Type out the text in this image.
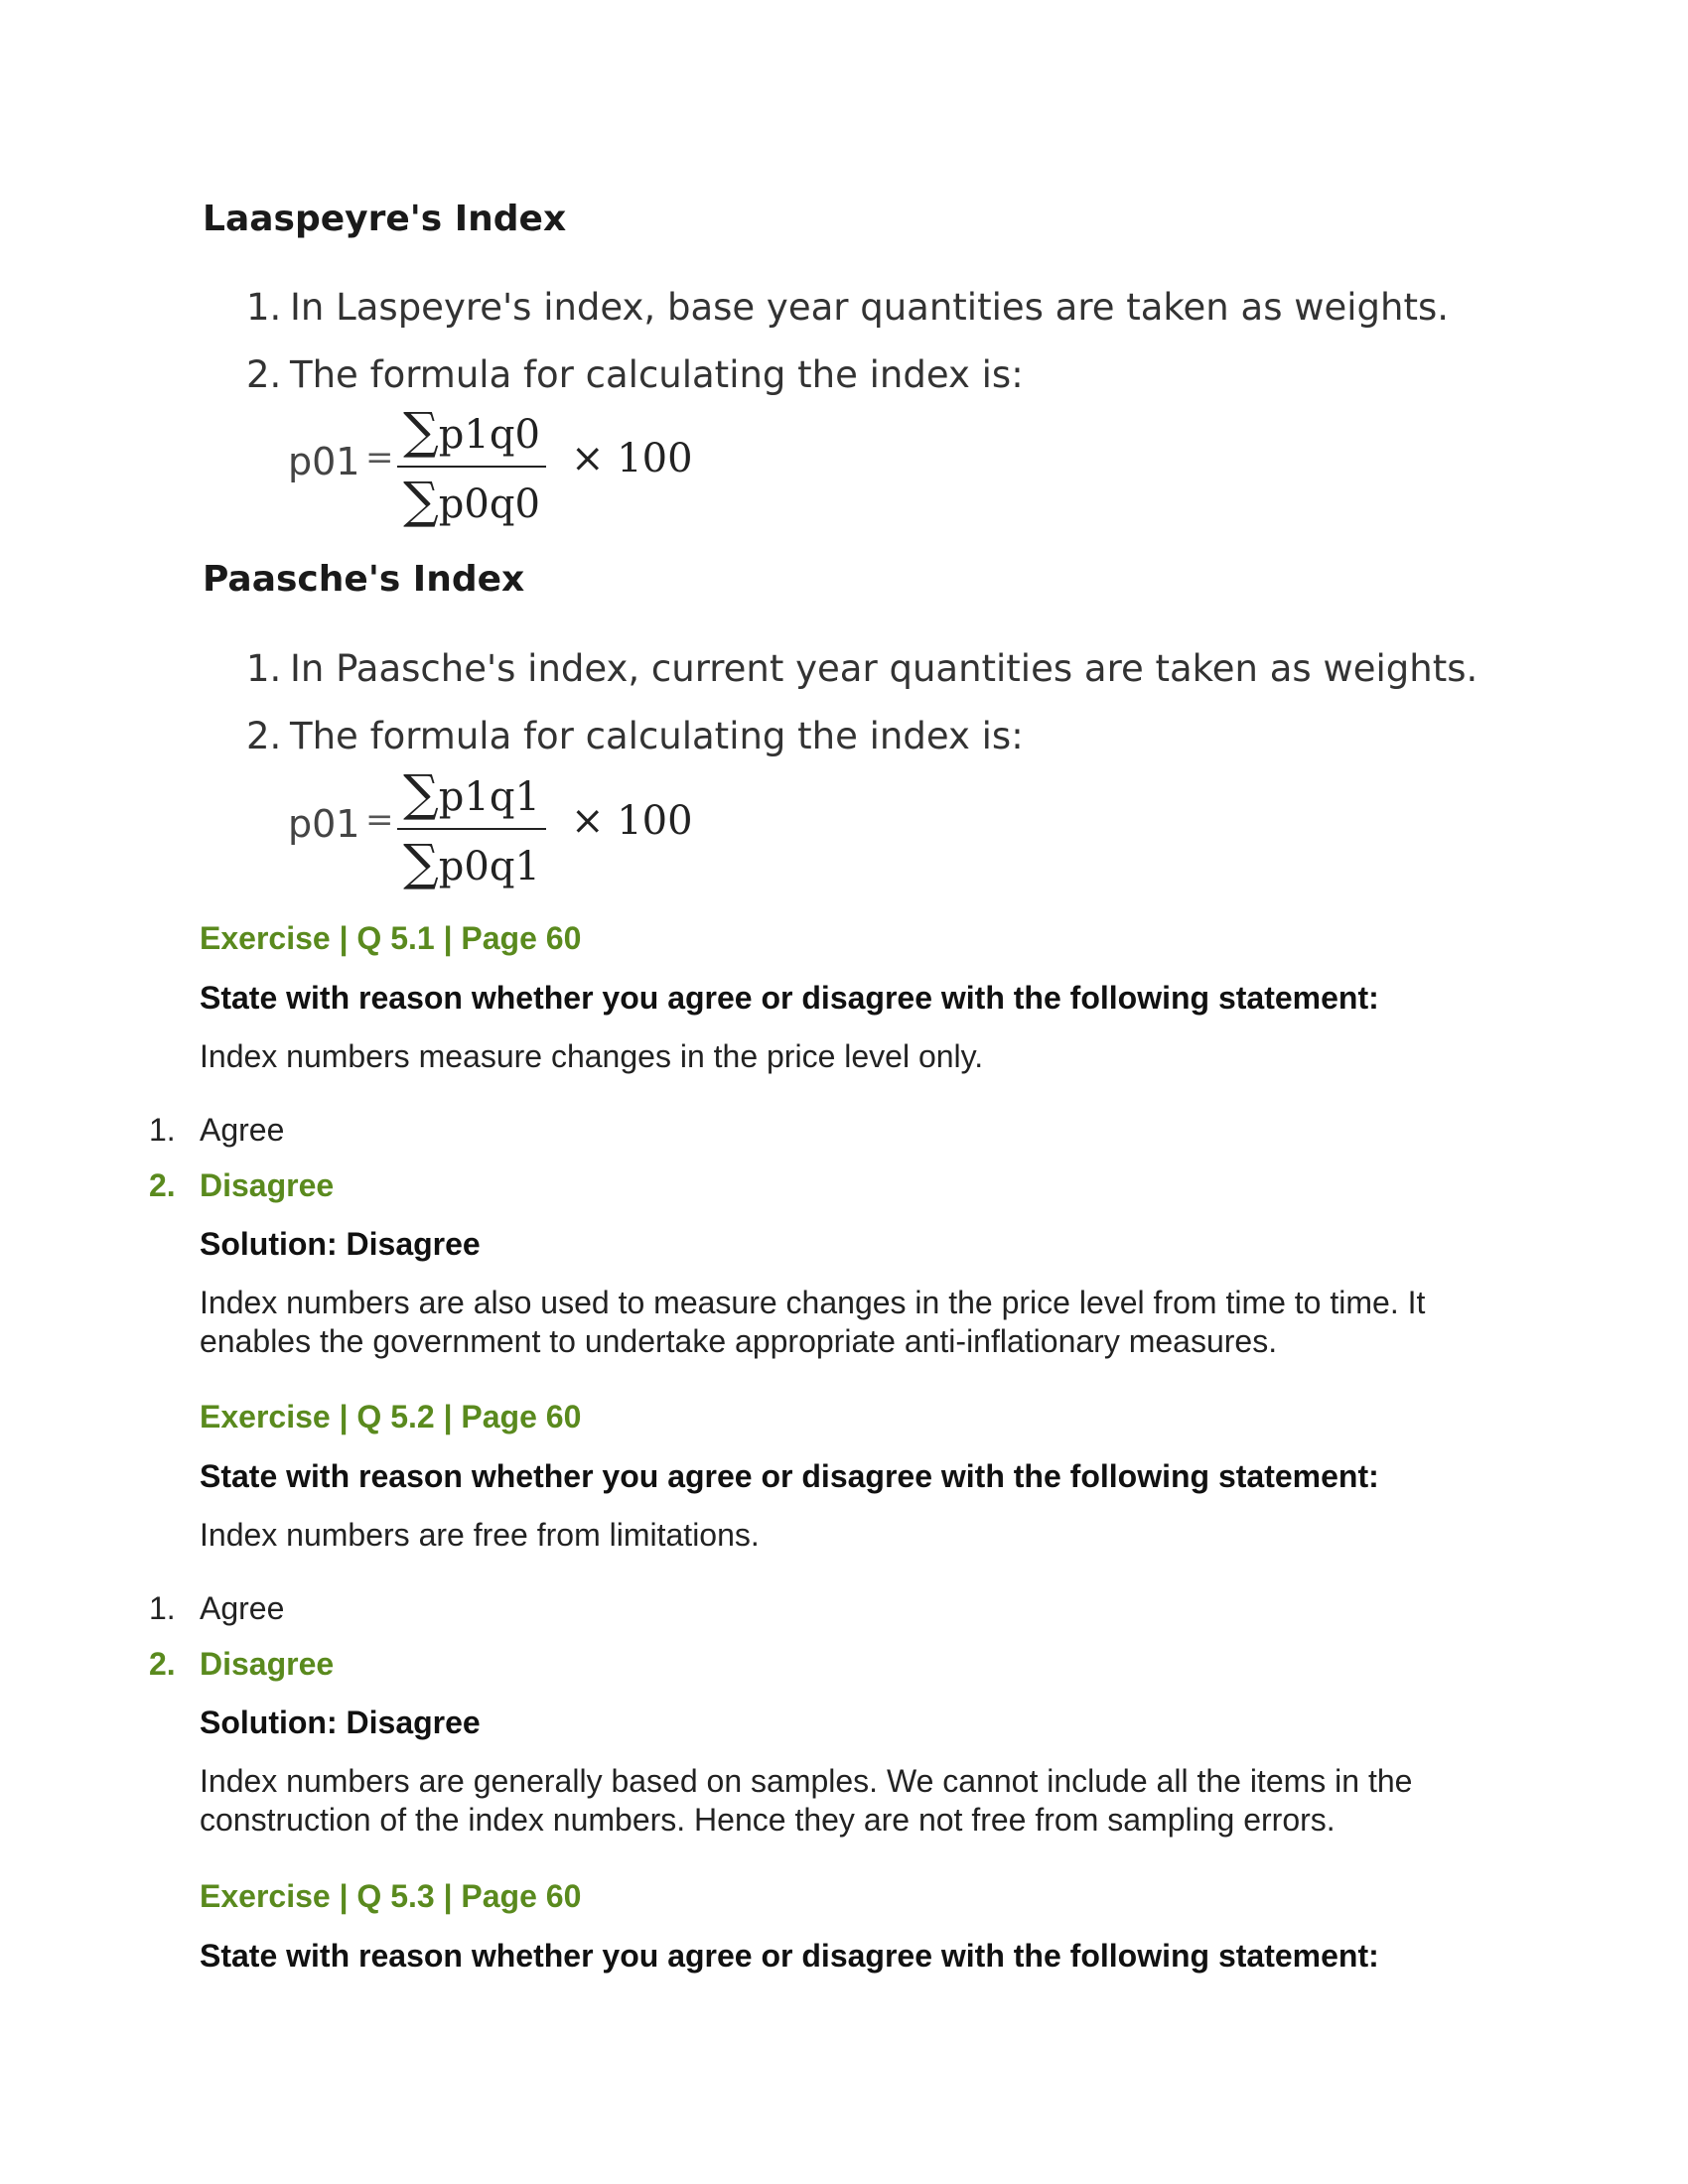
Laaspeyre's Index
1. In Laspeyre's index, base year quantities are taken as weights.
2. The formula for calculating the index is:
p01 = ∑p1q0
∑p0q0
× 100
Paasche's Index
1. In Paasche's index, current year quantities are taken as weights.
2. The formula for calculating the index is:
p01 = ∑p1q1
∑p0q1
× 100
Exercise | Q 5.1 | Page 60
State with reason whether you agree or disagree with the following statement:
Index numbers measure changes in the price level only.
1. Agree
2. Disagree
Solution: Disagree
Index numbers are also used to measure changes in the price level from time to time. It enables the government to undertake appropriate anti-inflationary measures.
Exercise | Q 5.2 | Page 60
State with reason whether you agree or disagree with the following statement:
Index numbers are free from limitations.
1. Agree
2. Disagree
Solution: Disagree
Index numbers are generally based on samples. We cannot include all the items in the construction of the index numbers. Hence they are not free from sampling errors.
Exercise | Q 5.3 | Page 60
State with reason whether you agree or disagree with the following statement:
